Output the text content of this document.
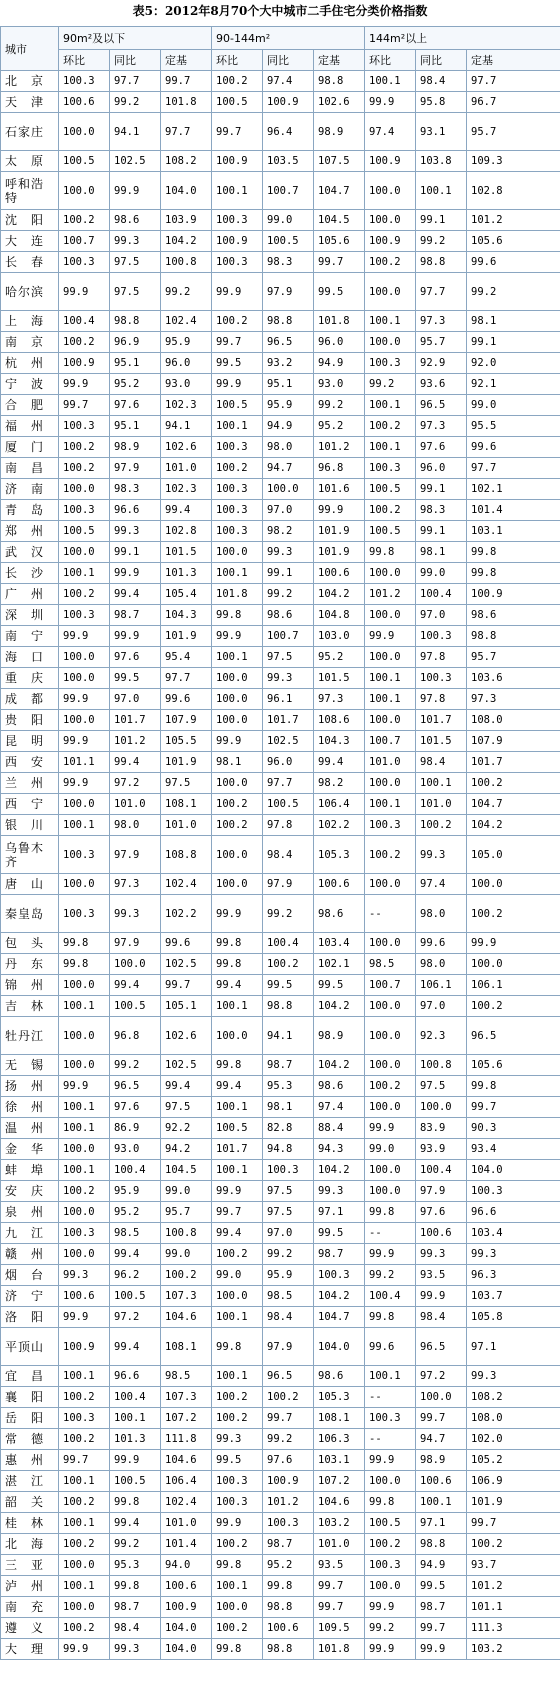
表5：2012年8月70个大中城市二手住宅分类价格指数
城市	90m²及以下			90-144m²			144m²以上		
	环比	同比	定基	环比	同比	定基	环比	同比	定基
北　京	100.3	97.7	99.7	100.2	97.4	98.8	100.1	98.4	97.7
天　津	100.6	99.2	101.8	100.5	100.9	102.6	99.9	95.8	96.7
石家庄	100.0	94.1	97.7	99.7	96.4	98.9	97.4	93.1	95.7
太　原	100.5	102.5	108.2	100.9	103.5	107.5	100.9	103.8	109.3
呼和浩特	100.0	99.9	104.0	100.1	100.7	104.7	100.0	100.1	102.8
沈　阳	100.2	98.6	103.9	100.3	99.0	104.5	100.0	99.1	101.2
大　连	100.7	99.3	104.2	100.9	100.5	105.6	100.9	99.2	105.6
长　春	100.3	97.5	100.8	100.3	98.3	99.7	100.2	98.8	99.6
哈尔滨	99.9	97.5	99.2	99.9	97.9	99.5	100.0	97.7	99.2
上　海	100.4	98.8	102.4	100.2	98.8	101.8	100.1	97.3	98.1
南　京	100.2	96.9	95.9	99.7	96.5	96.0	100.0	95.7	99.1
杭　州	100.9	95.1	96.0	99.5	93.2	94.9	100.3	92.9	92.0
宁　波	99.9	95.2	93.0	99.9	95.1	93.0	99.2	93.6	92.1
合　肥	99.7	97.6	102.3	100.5	95.9	99.2	100.1	96.5	99.0
福　州	100.3	95.1	94.1	100.1	94.9	95.2	100.2	97.3	95.5
厦　门	100.2	98.9	102.6	100.3	98.0	101.2	100.1	97.6	99.6
南　昌	100.2	97.9	101.0	100.2	94.7	96.8	100.3	96.0	97.7
济　南	100.0	98.3	102.3	100.3	100.0	101.6	100.5	99.1	102.1
青　岛	100.3	96.6	99.4	100.3	97.0	99.9	100.2	98.3	101.4
郑　州	100.5	99.3	102.8	100.3	98.2	101.9	100.5	99.1	103.1
武　汉	100.0	99.1	101.5	100.0	99.3	101.9	99.8	98.1	99.8
长　沙	100.1	99.9	101.3	100.1	99.1	100.6	100.0	99.0	99.8
广　州	100.2	99.4	105.4	101.8	99.2	104.2	101.2	100.4	100.9
深　圳	100.3	98.7	104.3	99.8	98.6	104.8	100.0	97.0	98.6
南　宁	99.9	99.9	101.9	99.9	100.7	103.0	99.9	100.3	98.8
海　口	100.0	97.6	95.4	100.1	97.5	95.2	100.0	97.8	95.7
重　庆	100.0	99.5	97.7	100.0	99.3	101.5	100.1	100.3	103.6
成　都	99.9	97.0	99.6	100.0	96.1	97.3	100.1	97.8	97.3
贵　阳	100.0	101.7	107.9	100.0	101.7	108.6	100.0	101.7	108.0
昆　明	99.9	101.2	105.5	99.9	102.5	104.3	100.7	101.5	107.9
西　安	101.1	99.4	101.9	98.1	96.0	99.4	101.0	98.4	101.7
兰　州	99.9	97.2	97.5	100.0	97.7	98.2	100.0	100.1	100.2
西　宁	100.0	101.0	108.1	100.2	100.5	106.4	100.1	101.0	104.7
银　川	100.1	98.0	101.0	100.2	97.8	102.2	100.3	100.2	104.2
乌鲁木齐	100.3	97.9	108.8	100.0	98.4	105.3	100.2	99.3	105.0
唐　山	100.0	97.3	102.4	100.0	97.9	100.6	100.0	97.4	100.0
秦皇岛	100.3	99.3	102.2	99.9	99.2	98.6	--	98.0	100.2
包　头	99.8	97.9	99.6	99.8	100.4	103.4	100.0	99.6	99.9
丹　东	99.8	100.0	102.5	99.8	100.2	102.1	98.5	98.0	100.0
锦　州	100.0	99.4	99.7	99.4	99.5	99.5	100.7	106.1	106.1
吉　林	100.1	100.5	105.1	100.1	98.8	104.2	100.0	97.0	100.2
牡丹江	100.0	96.8	102.6	100.0	94.1	98.9	100.0	92.3	96.5
无　锡	100.0	99.2	102.5	99.8	98.7	104.2	100.0	100.8	105.6
扬　州	99.9	96.5	99.4	99.4	95.3	98.6	100.2	97.5	99.8
徐　州	100.1	97.6	97.5	100.1	98.1	97.4	100.0	100.0	99.7
温　州	100.1	86.9	92.2	100.5	82.8	88.4	99.9	83.9	90.3
金　华	100.0	93.0	94.2	101.7	94.8	94.3	99.0	93.9	93.4
蚌　埠	100.1	100.4	104.5	100.1	100.3	104.2	100.0	100.4	104.0
安　庆	100.2	95.9	99.0	99.9	97.5	99.3	100.0	97.9	100.3
泉　州	100.0	95.2	95.7	99.7	97.5	97.1	99.8	97.6	96.6
九　江	100.3	98.5	100.8	99.4	97.0	99.5	--	100.6	103.4
赣　州	100.0	99.4	99.0	100.2	99.2	98.7	99.9	99.3	99.3
烟　台	99.3	96.2	100.2	99.0	95.9	100.3	99.2	93.5	96.3
济　宁	100.6	100.5	107.3	100.0	98.5	104.2	100.4	99.9	103.7
洛　阳	99.9	97.2	104.6	100.1	98.4	104.7	99.8	98.4	105.8
平顶山	100.9	99.4	108.1	99.8	97.9	104.0	99.6	96.5	97.1
宜　昌	100.1	96.6	98.5	100.1	96.5	98.6	100.1	97.2	99.3
襄　阳	100.2	100.4	107.3	100.2	100.2	105.3	--	100.0	108.2
岳　阳	100.3	100.1	107.2	100.2	99.7	108.1	100.3	99.7	108.0
常　德	100.2	101.3	111.8	99.3	99.2	106.3	--	94.7	102.0
惠　州	99.7	99.9	104.6	99.5	97.6	103.1	99.9	98.9	105.2
湛　江	100.1	100.5	106.4	100.3	100.9	107.2	100.0	100.6	106.9
韶　关	100.2	99.8	102.4	100.3	101.2	104.6	99.8	100.1	101.9
桂　林	100.1	99.4	101.0	99.9	100.3	103.2	100.5	97.1	99.7
北　海	100.2	99.2	101.4	100.2	98.7	101.0	100.2	98.8	100.2
三　亚	100.0	95.3	94.0	99.8	95.2	93.5	100.3	94.9	93.7
泸　州	100.1	99.8	100.6	100.1	99.8	99.7	100.0	99.5	101.2
南　充	100.0	98.7	100.9	100.0	98.8	99.7	99.9	98.7	101.1
遵　义	100.2	98.4	104.0	100.2	100.6	109.5	99.2	99.7	111.3
大　理	99.9	99.3	104.0	99.8	98.8	101.8	99.9	99.9	103.2
